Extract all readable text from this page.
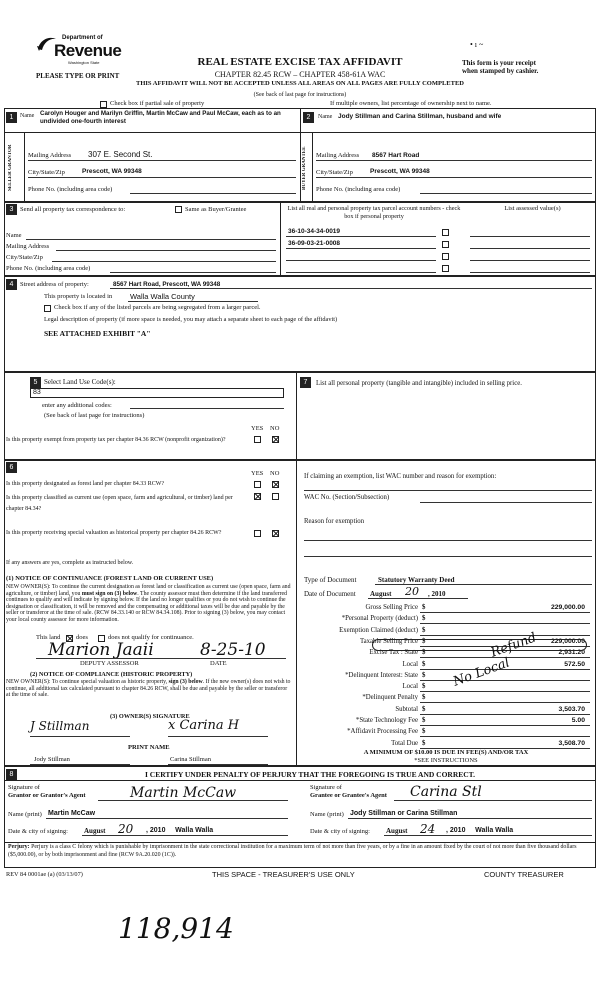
Department of
Revenue
Washington State
PLEASE TYPE OR PRINT
REAL ESTATE EXCISE TAX AFFIDAVIT
CHAPTER 82.45 RCW – CHAPTER 458-61A WAC
THIS AFFIDAVIT WILL NOT BE ACCEPTED UNLESS ALL AREAS ON ALL PAGES ARE FULLY COMPLETED
(See back of last page for instructions)
This form is your receipt
when stamped by cashier.
• ı ~
Check box if partial sale of property	If multiple owners, list percentage of ownership next to name.
1	Name Carolyn Houger and Marilyn Griffin, Martin McCaw and Paul McCaw, each as to an undivided one-fourth interest
SELLER GRANTOR Mailing Address 307 E. Second St.
City/State/Zip	Prescott, WA 99348
Phone No. (including area code)
2	Name Jody Stillman and Carina Stillman, husband and wife
BUYER GRANTEE Mailing Address 8567 Hart Road
City/State/Zip	Prescott, WA 99348
Phone No. (including area code)
3	Send all property tax correspondence to:	Same as Buyer/Grantee
Name
Mailing Address
City/State/Zip
Phone No. (including area code)
List all real and personal property tax parcel account numbers - check box if personal property
List assessed value(s)
36-10-34-34-0019
36-09-03-21-0008
4	Street address of property:	8567 Hart Road, Prescott, WA 99348
This property is located in Walla Walla County
Check box if any of the listed parcels are being segregated from a larger parcel.
Legal description of property (if more space is needed, you may attach a separate sheet to each page of the affidavit)
SEE ATTACHED EXHIBIT "A"
5 Select Land Use Code(s):
83
enter any additional codes:
(See back of last page for instructions)
YES NO
Is this property exempt from property tax per chapter 84.36 RCW (nonprofit organization)?
7	List all personal property (tangible and intangible) included in selling price.
6
YES NO
Is this property designated as forest land per chapter 84.33 RCW?
Is this property classified as current use (open space, farm and agricultural, or timber) land per chapter 84.34?
Is this property receiving special valuation as historical property per chapter 84.26 RCW?
If any answers are yes, complete as instructed below.
(1) NOTICE OF CONTINUANCE (FOREST LAND OR CURRENT USE)
NEW OWNER(S): To continue the current designation as forest land or classification as current use (open space, farm and agriculture, or timber) land, you must sign on (3) below. The county assessor must then determine if the land transferred continues to qualify and will indicate by signing below. If the land no longer qualifies or you do not wish to continue the designation or classification, it will be removed and the compensating or additional taxes will be due and payable by the seller or transferor at the time of sale. (RCW 84.33.140 or RCW 84.34.108). Prior to signing (3) below, you may contact your local county assessor for more information.
This land does	does not qualify for continuance.
Marion Jaaii	8-25-10
DEPUTY ASSESSOR	DATE
(2) NOTICE OF COMPLIANCE (HISTORIC PROPERTY)
NEW OWNER(S): To continue special valuation as historic property, sign (3) below. If the new owner(s) does not wish to continue, all additional tax calculated pursuant to chapter 84.26 RCW, shall be due and payable by the seller or transferor at the time of sale.
(3) OWNER(S) SIGNATURE
J Stillman	x Carina H
PRINT NAME
Jody Stillman	Carina Stillman
If claiming an exemption, list WAC number and reason for exemption:
WAC No. (Section/Subsection)
Reason for exemption
Type of Document	Statutory Warranty Deed
Date of Document August 20 , 2010
Gross Selling Price $	229,000.00
*Personal Property (deduct) $
Exemption Claimed (deduct) $
Taxable Selling Price $	229,000.00
Excise Tax : State $	2,931.20
Local $	572.50
*Delinquent Interest: State $
Local $
*Delinquent Penalty $
Subtotal $	3,503.70
*State Technology Fee $	5.00
*Affidavit Processing Fee $
Total Due $	3,508.70
Refund
No Local
A MINIMUM OF $10.00 IS DUE IN FEE(S) AND/OR TAX
*SEE INSTRUCTIONS
8	I CERTIFY UNDER PENALTY OF PERJURY THAT THE FOREGOING IS TRUE AND CORRECT.
Signature of
Grantor or Grantor's Agent	Martin McCaw
Name (print) Martin McCaw
Date & city of signing: August 20 , 2010     Walla Walla
Signature of
Grantee or Grantee's Agent Carina Stl
Name (print) Jody Stillman or Carina Stillman
Date & city of signing: August 24 , 2010     Walla Walla
Perjury: Perjury is a class C felony which is punishable by imprisonment in the state correctional institution for a maximum term of not more than five years, or by a fine in an amount fixed by the court of not more than five thousand dollars ($5,000.00), or by both imprisonment and fine (RCW 9A.20.020 (1C)).
REV 84 0001ae (a) (03/13/07)	THIS SPACE - TREASURER'S USE ONLY	COUNTY TREASURER
118,914
